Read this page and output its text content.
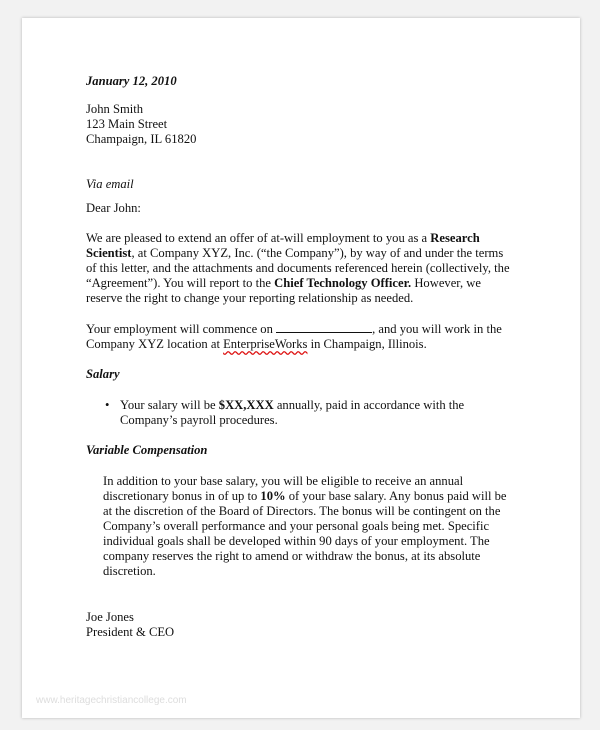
January 12, 2010
John Smith
123 Main Street
Champaign, IL 61820
Via email
Dear John:

We are pleased to extend an offer of at-will employment to you as a Research Scientist, at Company XYZ, Inc. (“the Company”), by way of and under the terms of this letter, and the attachments and documents referenced herein (collectively, the “Agreement”). You will report to the Chief Technology Officer. However, we reserve the right to change your reporting relationship as needed.

Your employment will commence on	, and you will work in the Company XYZ location at EnterpriseWorks in Champaign, Illinois.

Salary
• Your salary will be $XX,XXX annually, paid in accordance with the Company’s payroll procedures.
Variable Compensation

In addition to your base salary, you will be eligible to receive an annual discretionary bonus in of up to 10% of your base salary. Any bonus paid will be at the discretion of the Board of Directors. The bonus will be contingent on the Company’s overall performance and your personal goals being met. Specific individual goals shall be developed within 90 days of your employment. The company reserves the right to amend or withdraw the bonus, at its absolute discretion.

Joe Jones
President & CEO
www.heritagechristiancollege.com
